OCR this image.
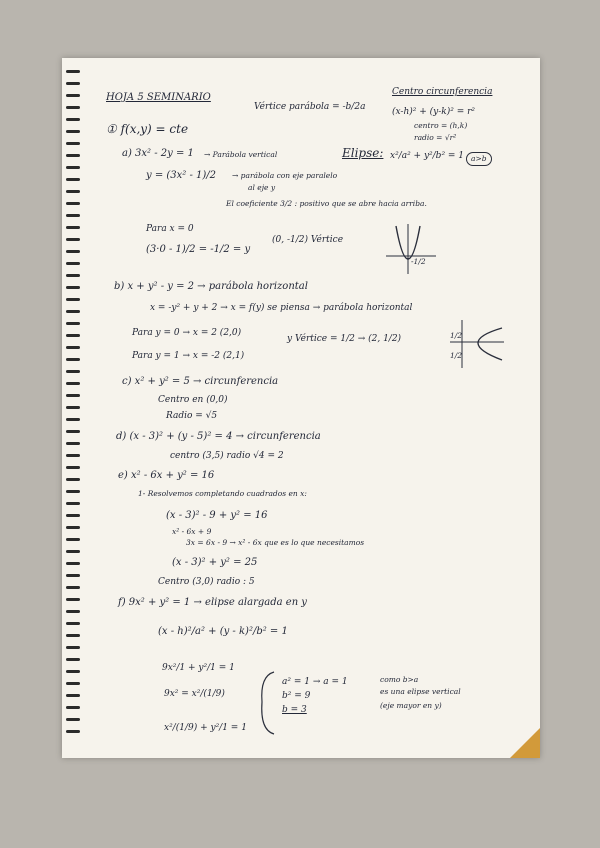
HOJA 5 SEMINARIO
Vértice parábola = -b/2a
Centro circunferencia
(x-h)² + (y-k)² = r²
centro = (h,k)
radio = √r²
Elipse: x²/a² + y²/b² = 1 a>b
① f(x,y) = cte
a) 3x² - 2y = 1 → Parábola vertical
y = (3x² - 1)/2 → parábola con eje paralelo
al eje y
El coeficiente 3/2 : positivo que se abre hacia arriba.
Para x = 0
(3·0 - 1)/2 = -1/2 = y
(0, -1/2) Vértice
-1/2
b) x + y² - y = 2 → parábola horizontal
x = -y² + y + 2 → x = f(y) se piensa → parábola horizontal
Para y = 0 → x = 2 (2,0)
Para y = 1 → x = -2 (2,1)
y Vértice = 1/2 → (2, 1/2)	1/2
1/2
c) x² + y² = 5 → circunferencia
Centro en (0,0)
Radio = √5
d) (x - 3)² + (y - 5)² = 4 → circunferencia
centro (3,5) radio √4 = 2
e) x² - 6x + y² = 16
1- Resolvemos completando cuadrados en x:
(x - 3)² - 9 + y² = 16
x² - 6x + 9
3x = 6x - 9 → x² - 6x que es lo que necesitamos
(x - 3)² + y² = 25
Centro (3,0) radio : 5
f) 9x² + y² = 1 → elipse alargada en y
(x - h)²/a² + (y - k)²/b² = 1
9x²/1 + y²/1 = 1
9x² = x²/(1/9)
x²/(1/9) + y²/1 = 1
a² = 1 → a = 1
b² = 9
b = 3
como b>a
es una elipse vertical
(eje mayor en y)
